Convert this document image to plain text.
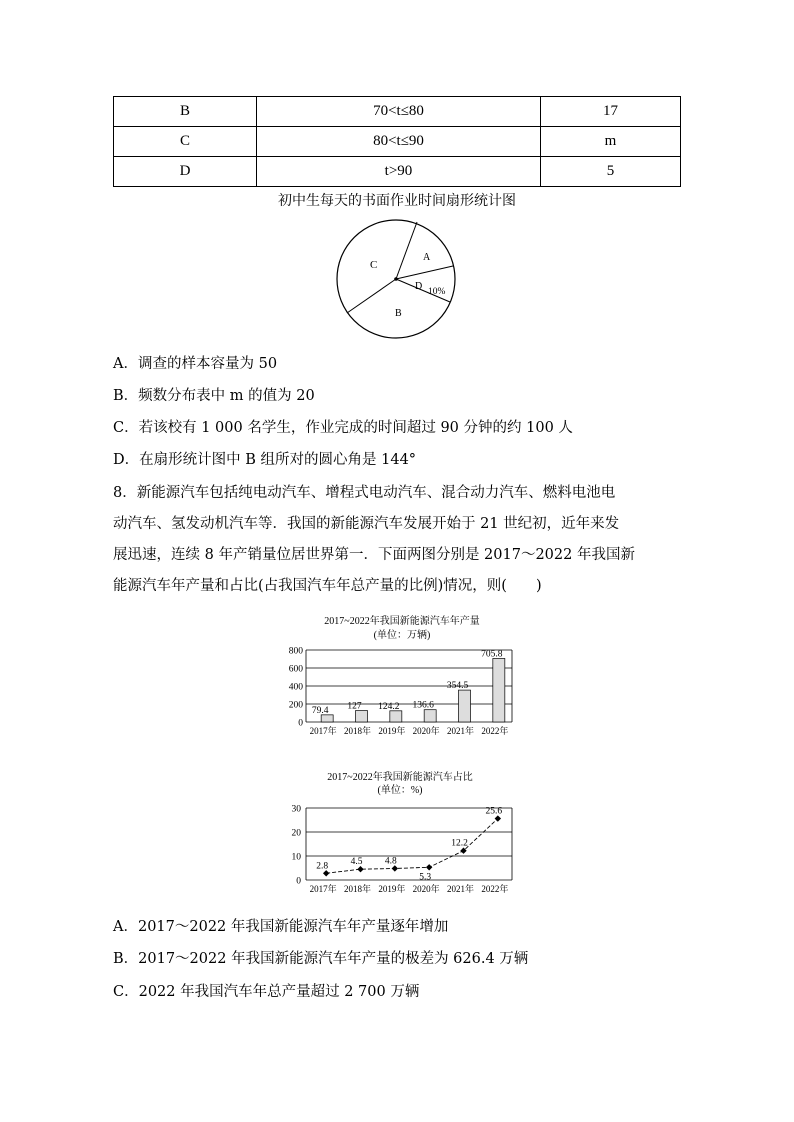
B	70<t≤80	17
C	80<t≤90	m
D	t>90	5
初中生每天的书面作业时间扇形统计图
C
A
D 10%
B
A．调查的样本容量为 50
B．频数分布表中 m 的值为 20
C．若该校有 1 000 名学生，作业完成的时间超过 90 分钟的约 100 人
D．在扇形统计图中 B 组所对的圆心角是 144°
8．新能源汽车包括纯电动汽车、增程式电动汽车、混合动力汽车、燃料电池电
动汽车、氢发动机汽车等．我国的新能源汽车发展开始于 21 世纪初，近年来发
展迅速，连续 8 年产销量位居世界第一．下面两图分别是 2017～2022 年我国新
能源汽车年产量和占比(占我国汽车年总产量的比例)情况，则(　　)
2017~2022年我国新能源汽车年产量
(单位：万辆)
0
200
400
600
800
79.4
2017年
127
2018年
124.2
2019年
136.6
2020年
354.5
2021年
705.8
2022年
2017~2022年我国新能源汽车占比
(单位：%)
0
10
20
30
2.8
2017年
4.5
2018年
4.8
2019年
5.3
2020年
12.2
2021年
25.6
2022年
A．2017～2022 年我国新能源汽车年产量逐年增加
B．2017～2022 年我国新能源汽车年产量的极差为 626.4 万辆
C．2022 年我国汽车年总产量超过 2 700 万辆
